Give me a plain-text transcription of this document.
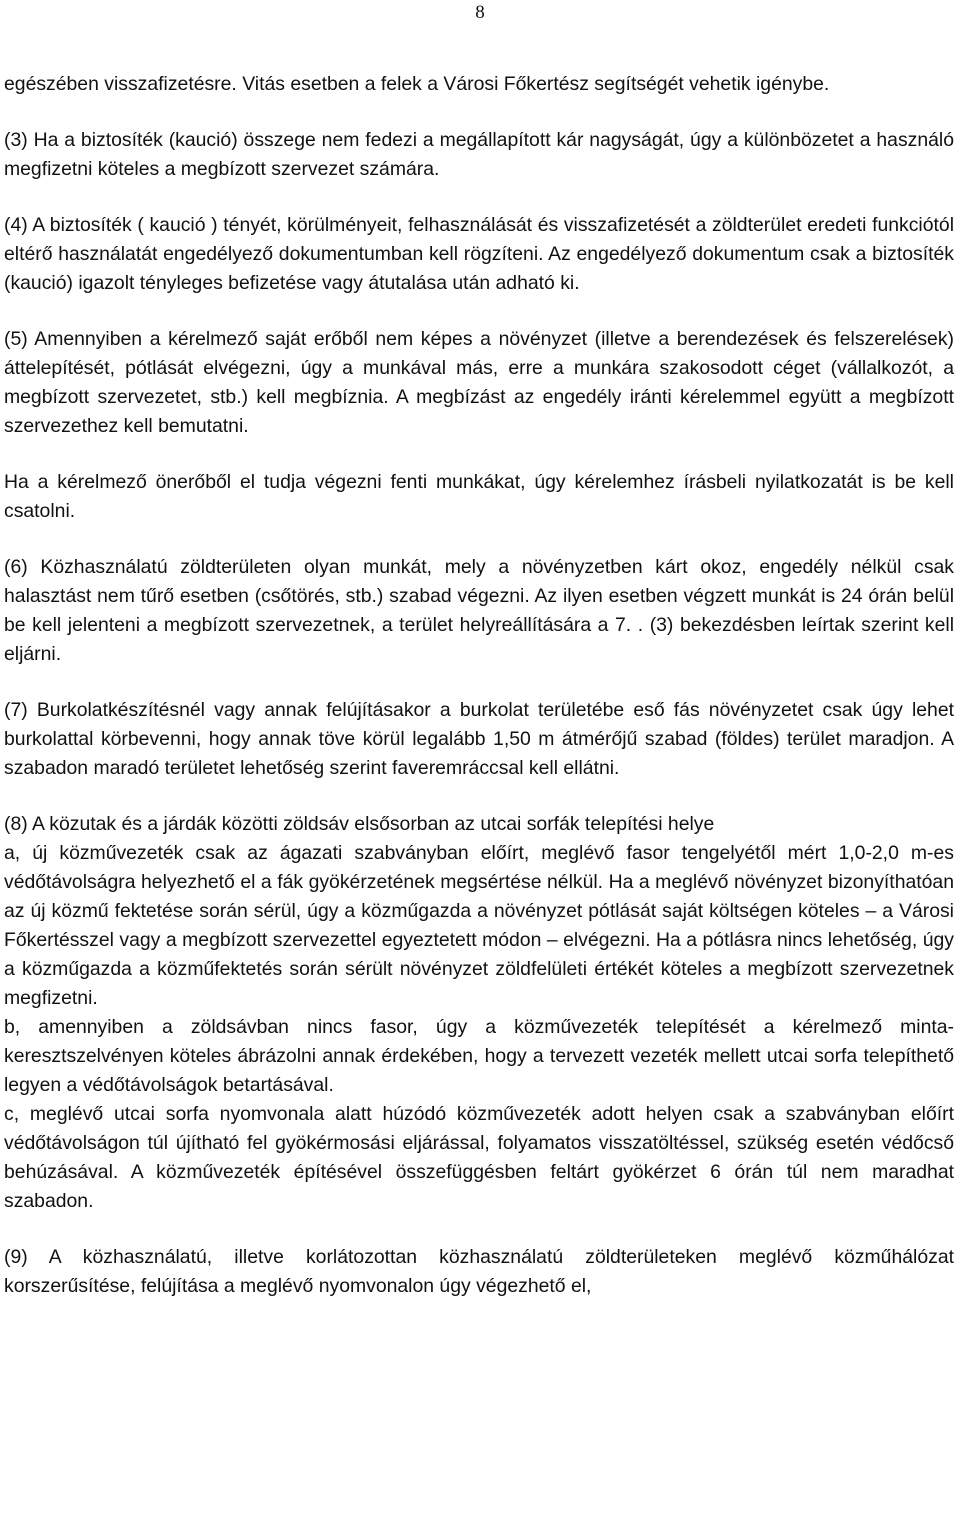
8

egészében visszafizetésre. Vitás esetben a felek a Városi Főkertész segítségét vehetik igénybe.

(3) Ha a biztosíték (kaució) összege nem fedezi a megállapított kár nagyságát, úgy a különbözetet a használó megfizetni köteles a megbízott szervezet számára.

(4) A biztosíték ( kaució ) tényét, körülményeit, felhasználását és visszafizetését a zöldterület eredeti funkciótól eltérő használatát engedélyező dokumentumban kell rögzíteni. Az engedélyező dokumentum csak a biztosíték (kaució) igazolt tényleges befizetése vagy átutalása után adható ki.

(5) Amennyiben a kérelmező saját erőből nem képes a növényzet (illetve a berendezések és felszerelések) áttelepítését, pótlását elvégezni, úgy a munkával más, erre a munkára szakosodott céget (vállalkozót, a megbízott szervezetet, stb.) kell megbíznia. A megbízást az engedély iránti kérelemmel együtt a megbízott szervezethez kell bemutatni.

Ha a kérelmező önerőből el tudja végezni fenti munkákat, úgy kérelemhez írásbeli nyilatkozatát is be kell csatolni.

(6) Közhasználatú zöldterületen olyan munkát, mely a növényzetben kárt okoz, engedély nélkül csak halasztást nem tűrő esetben (csőtörés, stb.) szabad végezni. Az ilyen esetben végzett munkát is 24 órán belül be kell jelenteni a megbízott szervezetnek, a terület helyreállítására a 7. . (3) bekezdésben leírtak szerint kell eljárni.

(7) Burkolatkészítésnél vagy annak felújításakor a burkolat területébe eső fás növényzetet csak úgy lehet burkolattal körbevenni, hogy annak töve körül legalább 1,50 m átmérőjű szabad (földes) terület maradjon. A szabadon maradó területet lehetőség szerint faveremráccsal kell ellátni.

(8) A közutak és a járdák közötti zöldsáv elsősorban az utcai sorfák telepítési helye

a, új közművezeték csak az ágazati szabványban előírt, meglévő fasor tengelyétől mért 1,0-2,0 m-es védőtávolságra helyezhető el a fák gyökérzetének megsértése nélkül. Ha a meglévő növényzet bizonyíthatóan az új közmű fektetése során sérül, úgy a közműgazda a növényzet pótlását saját költségen köteles – a Városi Főkertésszel vagy a megbízott szervezettel egyeztetett módon – elvégezni. Ha a pótlásra nincs lehetőség, úgy a közműgazda a közműfektetés során sérült növényzet zöldfelületi értékét köteles a megbízott szervezetnek megfizetni.

b, amennyiben a zöldsávban nincs fasor, úgy a közművezeték telepítését a kérelmező minta-keresztszelvényen köteles ábrázolni annak érdekében, hogy a tervezett vezeték mellett utcai sorfa telepíthető legyen a védőtávolságok betartásával.

c, meglévő utcai sorfa nyomvonala alatt húzódó közművezeték adott helyen csak a szabványban előírt védőtávolságon túl újítható fel gyökérmosási eljárással, folyamatos visszatöltéssel, szükség esetén védőcső behúzásával. A közművezeték építésével összefüggésben feltárt gyökérzet 6 órán túl nem maradhat szabadon.

(9) A közhasználatú, illetve korlátozottan közhasználatú zöldterületeken meglévő közműhálózat korszerűsítése, felújítása a meglévő nyomvonalon úgy végezhető el,
